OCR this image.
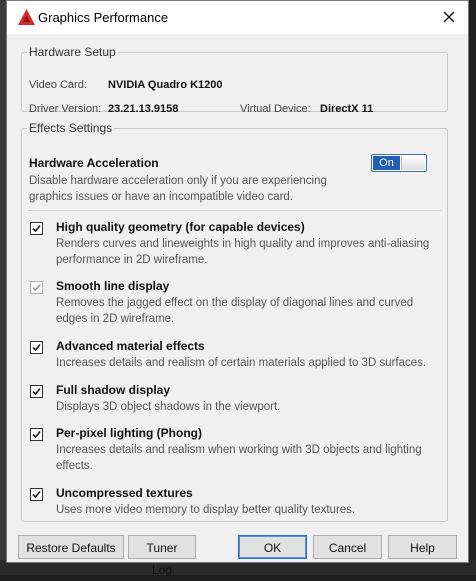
Graphics Performance
Hardware Setup
Video Card: NVIDIA Quadro K1200
Driver Version: 23.21.13.9158	Virtual Device: DirectX 11
Effects Settings
Hardware Acceleration
Disable hardware acceleration only if you are experiencing graphics issues or have an incompatible video card.
On
High quality geometry (for capable devices)
Renders curves and lineweights in high quality and improves anti-aliasing performance in 2D wireframe.
Smooth line display
Removes the jagged effect on the display of diagonal lines and curved edges in 2D wireframe.
Advanced material effects
Increases details and realism of certain materials applied to 3D surfaces.
Full shadow display
Displays 3D object shadows in the viewport.
Per-pixel lighting (Phong)
Increases details and realism when working with 3D objects and lighting effects.
Uncompressed textures
Uses more video memory to display better quality textures.
Restore Defaults	Tuner Log
OK	Cancel	Help
